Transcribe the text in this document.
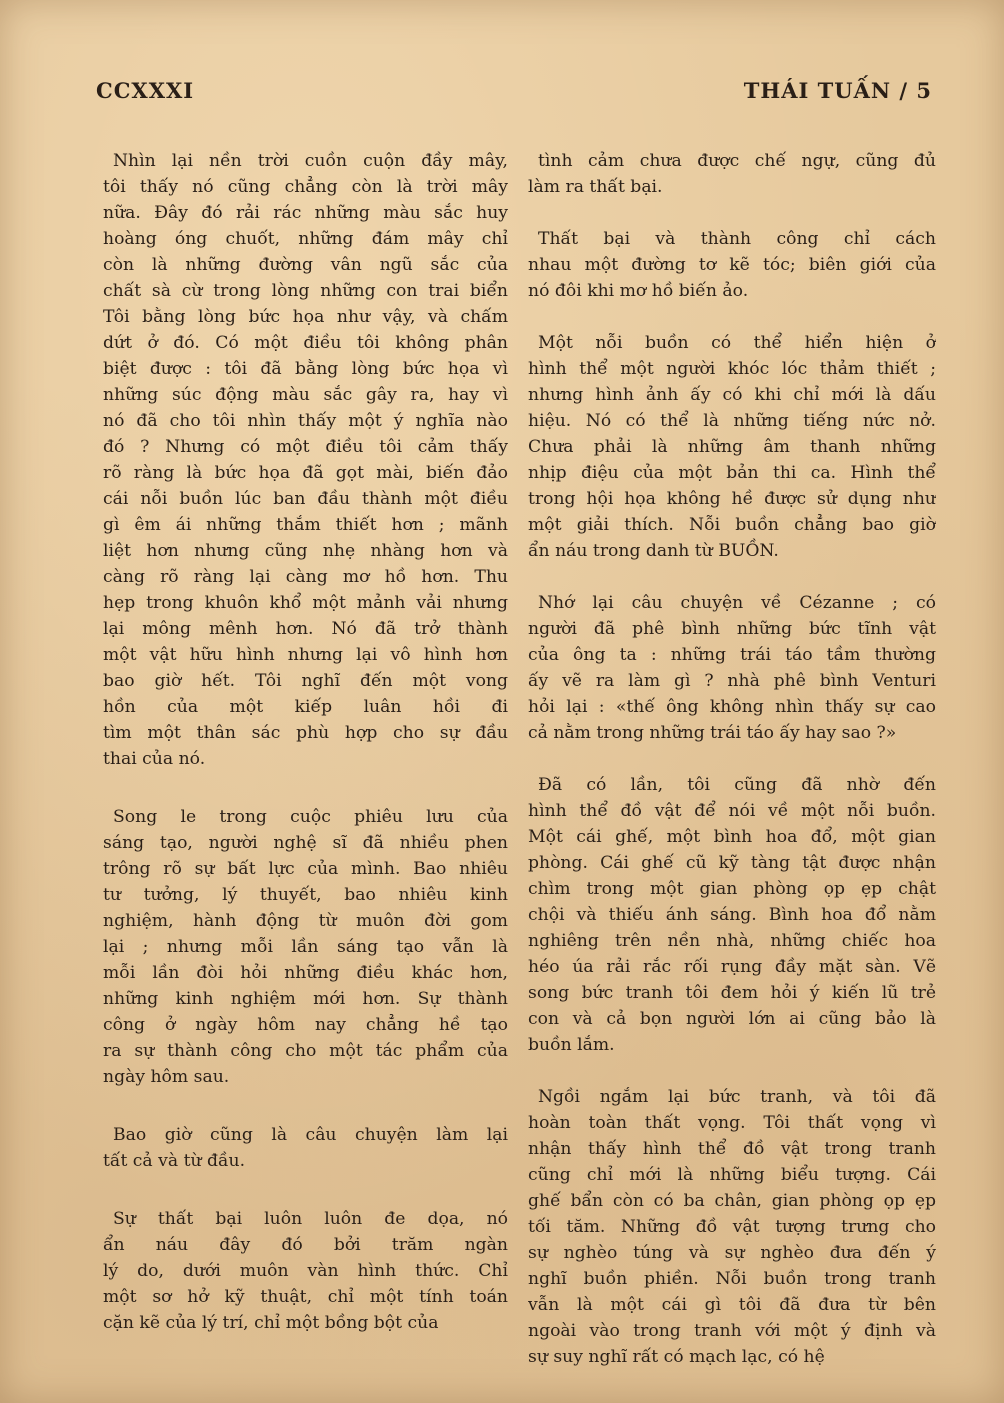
CCXXXI	THÁI TUẤN / 5
Nhìn lại nền trời cuồn cuộn đầy mây,
tôi thấy nó cũng chẳng còn là trời mây
nữa. Đây đó rải rác những màu sắc huy
hoàng óng chuốt, những đám mây chỉ
còn là những đường vân ngũ sắc của
chất sà cừ trong lòng những con trai biển
Tôi bằng lòng bức họa như vậy, và chấm
dứt ở đó. Có một điều tôi không phân
biệt được : tôi đã bằng lòng bức họa vì
những súc động màu sắc gây ra, hay vì
nó đã cho tôi nhìn thấy một ý nghĩa nào
đó ? Nhưng có một điều tôi cảm thấy
rõ ràng là bức họa đã gọt mài, biến đảo
cái nỗi buồn lúc ban đầu thành một điều
gì êm ái những thắm thiết hơn ; mãnh
liệt hơn nhưng cũng nhẹ nhàng hơn và
càng rõ ràng lại càng mơ hồ hơn. Thu
hẹp trong khuôn khổ một mảnh vải nhưng
lại mông mênh hơn. Nó đã trở thành
một vật hữu hình nhưng lại vô hình hơn
bao giờ hết. Tôi nghĩ đến một vong
hồn của một kiếp luân hồi đi
tìm một thân sác phù hợp cho sự đầu
thai của nó.
Song le trong cuộc phiêu lưu của
sáng tạo, người nghệ sĩ đã nhiều phen
trông rõ sự bất lực của mình. Bao nhiêu
tư tưởng, lý thuyết, bao nhiêu kinh
nghiệm, hành động từ muôn đời gom
lại ; nhưng mỗi lần sáng tạo vẫn là
mỗi lần đòi hỏi những điều khác hơn,
những kinh nghiệm mới hơn. Sự thành
công ở ngày hôm nay chẳng hề tạo
ra sự thành công cho một tác phẩm của
ngày hôm sau.
Bao giờ cũng là câu chuyện làm lại
tất cả và từ đầu.
Sự thất bại luôn luôn đe dọa, nó
ẩn náu đây đó bởi trăm ngàn
lý do, dưới muôn vàn hình thức. Chỉ
một sơ hở kỹ thuật, chỉ một tính toán
cặn kẽ của lý trí, chỉ một bồng bột của
tình cảm chưa được chế ngự, cũng đủ
làm ra thất bại.
Thất bại và thành công chỉ cách
nhau một đường tơ kẽ tóc; biên giới của
nó đôi khi mơ hồ biến ảo.
Một nỗi buồn có thể hiển hiện ở
hình thể một người khóc lóc thảm thiết ;
nhưng hình ảnh ấy có khi chỉ mới là dấu
hiệu. Nó có thể là những tiếng nức nở.
Chưa phải là những âm thanh những
nhịp điệu của một bản thi ca. Hình thể
trong hội họa không hề được sử dụng như
một giải thích. Nỗi buồn chẳng bao giờ
ẩn náu trong danh từ BUỒN.
Nhớ lại câu chuyện về Cézanne ; có
người đã phê bình những bức tĩnh vật
của ông ta : những trái táo tầm thường
ấy vẽ ra làm gì ? nhà phê bình Venturi
hỏi lại : «thế ông không nhìn thấy sự cao
cả nằm trong những trái táo ấy hay sao ?»
Đã có lần, tôi cũng đã nhờ đến
hình thể đồ vật để nói về một nỗi buồn.
Một cái ghế, một bình hoa đổ, một gian
phòng. Cái ghế cũ kỹ tàng tật được nhận
chìm trong một gian phòng ọp ẹp chật
chội và thiếu ánh sáng. Bình hoa đổ nằm
nghiêng trên nền nhà, những chiếc hoa
héo úa rải rắc rối rụng đầy mặt sàn. Vẽ
song bức tranh tôi đem hỏi ý kiến lũ trẻ
con và cả bọn người lớn ai cũng bảo là
buồn lắm.
Ngồi ngắm lại bức tranh, và tôi đã
hoàn toàn thất vọng. Tôi thất vọng vì
nhận thấy hình thể đồ vật trong tranh
cũng chỉ mới là những biểu tượng. Cái
ghế bẩn còn có ba chân, gian phòng ọp ẹp
tối tăm. Những đồ vật tượng trưng cho
sự nghèo túng và sự nghèo đưa đến ý
nghĩ buồn phiền. Nỗi buồn trong tranh
vẫn là một cái gì tôi đã đưa từ bên
ngoài vào trong tranh với một ý định và
sự suy nghĩ rất có mạch lạc, có hệ
